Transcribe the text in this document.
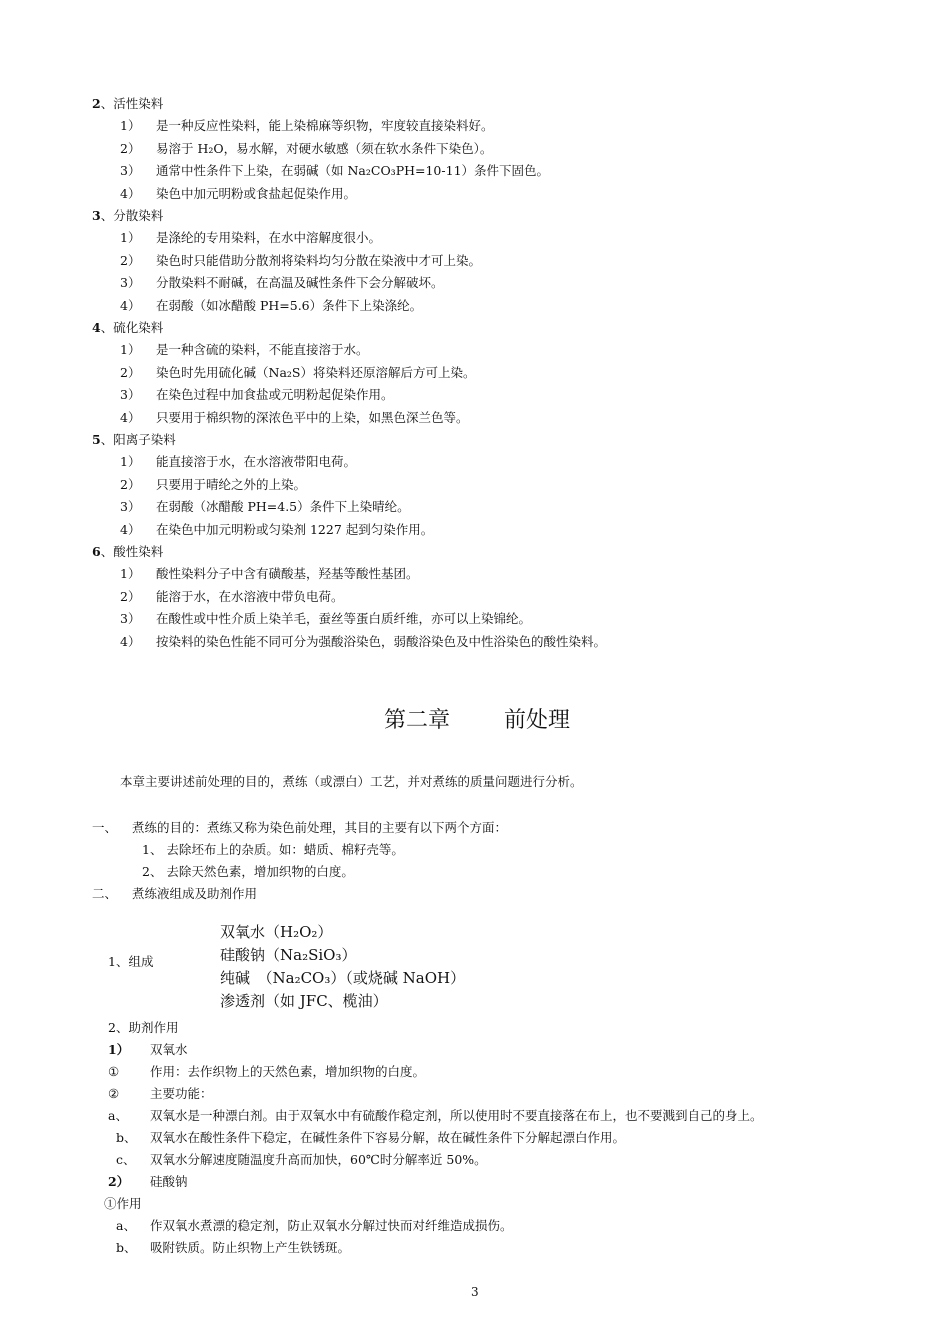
2、活性染料
1） 是一种反应性染料，能上染棉麻等织物，牢度较直接染料好。
2） 易溶于 H₂O，易水解，对硬水敏感（须在软水条件下染色）。
3） 通常中性条件下上染，在弱碱（如 Na₂CO₃PH=10-11）条件下固色。
4） 染色中加元明粉或食盐起促染作用。
3、分散染料
1） 是涤纶的专用染料，在水中溶解度很小。
2） 染色时只能借助分散剂将染料均匀分散在染液中才可上染。
3） 分散染料不耐碱，在高温及碱性条件下会分解破坏。
4） 在弱酸（如冰醋酸 PH=5.6）条件下上染涤纶。
4、硫化染料
1） 是一种含硫的染料，不能直接溶于水。
2） 染色时先用硫化碱（Na₂S）将染料还原溶解后方可上染。
3） 在染色过程中加食盐或元明粉起促染作用。
4） 只要用于棉织物的深浓色平中的上染，如黑色深兰色等。
5、阳离子染料
1） 能直接溶于水，在水溶液带阳电荷。
2） 只要用于晴纶之外的上染。
3） 在弱酸（冰醋酸 PH=4.5）条件下上染晴纶。
4） 在染色中加元明粉或匀染剂 1227 起到匀染作用。
6、酸性染料
1） 酸性染料分子中含有磺酸基，羟基等酸性基团。
2） 能溶于水，在水溶液中带负电荷。
3） 在酸性或中性介质上染羊毛，蚕丝等蛋白质纤维，亦可以上染锦纶。
4） 按染料的染色性能不同可分为强酸浴染色，弱酸浴染色及中性浴染色的酸性染料。
第二章 前处理
本章主要讲述前处理的目的，煮练（或漂白）工艺，并对煮练的质量问题进行分析。
一、 煮练的目的：煮练又称为染色前处理，其目的主要有以下两个方面：
1、 去除坯布上的杂质。如：蜡质、棉籽壳等。
2、 去除天然色素，增加织物的白度。
二、 煮练液组成及助剂作用
1、组成
双氧水（H₂O₂）
硅酸钠（Na₂SiO₃）
纯碱　（Na₂CO₃）（或烧碱 NaOH）
渗透剂（如 JFC、榄油）
2、助剂作用
1） 双氧水
① 作用：去作织物上的天然色素，增加织物的白度。
② 主要功能：
a、 双氧水是一种漂白剂。由于双氧水中有硫酸作稳定剂，所以使用时不要直接落在布上，也不要溅到自己的身上。
b、 双氧水在酸性条件下稳定，在碱性条件下容易分解，故在碱性条件下分解起漂白作用。
c、 双氧水分解速度随温度升高而加快，60℃时分解率近 50%。
2） 硅酸钠
①作用
a、 作双氧水煮漂的稳定剂，防止双氧水分解过快而对纤维造成损伤。
b、 吸附铁质。防止织物上产生铁锈斑。
3
